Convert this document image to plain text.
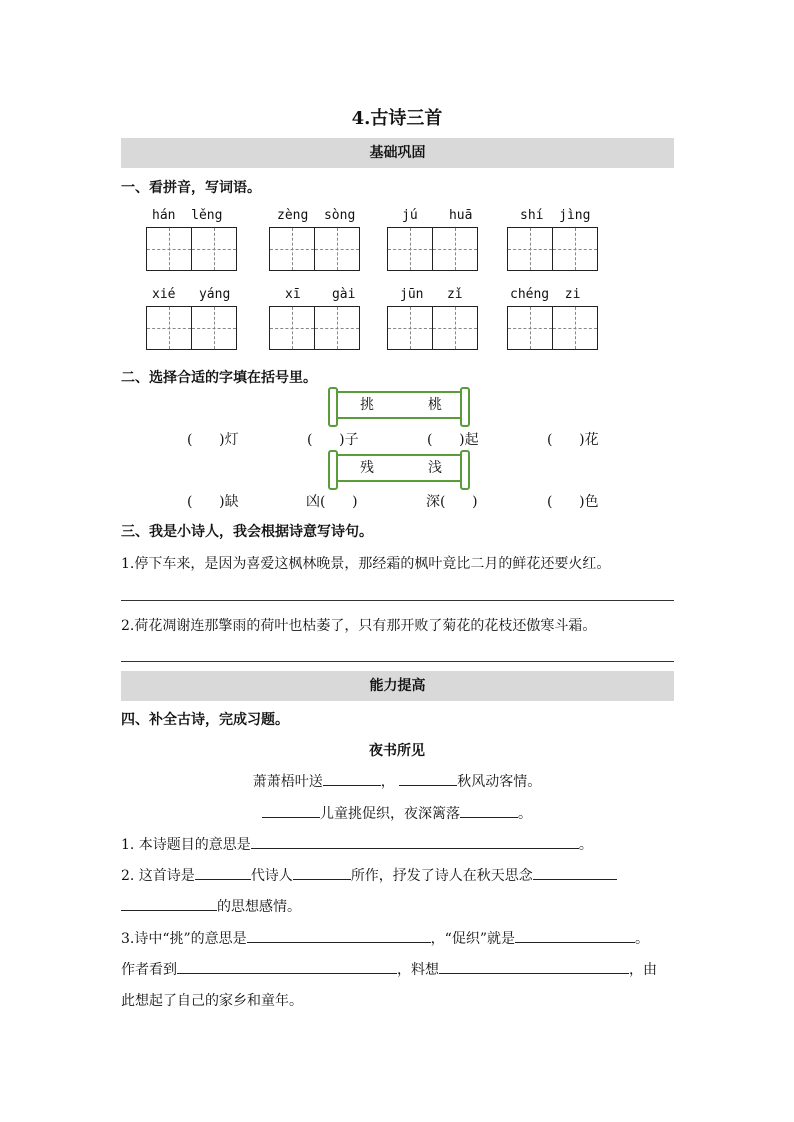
4.古诗三首
基础巩固
一、看拼音，写词语。
hán  lěng	zèng  sòng	jú    huā	shí  jìng
xié   yáng	xī    gài	jūn   zǐ	chéng  zi
二、选择合适的字填在括号里。
挑	桃
(      )灯	(      )子	(      )起	(      )花
残	浅
(      )缺	凶(      )	深(      )	(      )色
三、我是小诗人，我会根据诗意写诗句。
1.停下车来，是因为喜爱这枫林晚景，那经霜的枫叶竟比二月的鲜花还要火红。
2.荷花凋谢连那擎雨的荷叶也枯萎了，只有那开败了菊花的花枝还傲寒斗霜。
能力提高
四、补全古诗，完成习题。
夜书所见
萧萧梧叶送	，	秋风动客情。
儿童挑促织，夜深篱落	。
1. 本诗题目的意思是	。
2. 这首诗是	代诗人	所作，抒发了诗人在秋天思念
的思想感情。
3.诗中“挑”的意思是	，“促织”就是	。
作者看到	，料想	，由
此想起了自己的家乡和童年。
